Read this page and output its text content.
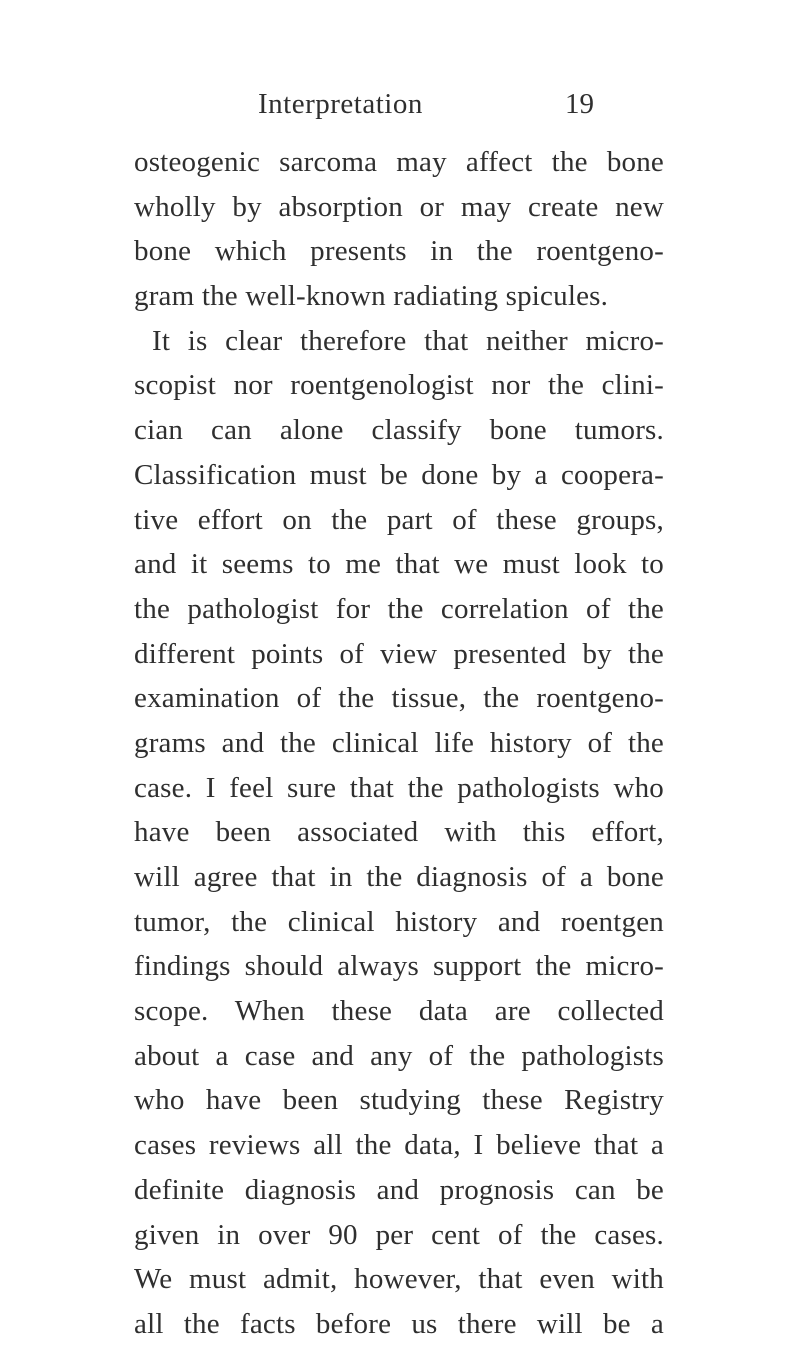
Interpretation	19
osteogenic sarcoma may affect the bone
wholly by absorption or may create new
bone which presents in the roentgeno-
gram the well-known radiating spicules.
It is clear therefore that neither micro-
scopist nor roentgenologist nor the clini-
cian can alone classify bone tumors.
Classification must be done by a coopera-
tive effort on the part of these groups,
and it seems to me that we must look to
the pathologist for the correlation of the
different points of view presented by the
examination of the tissue, the roentgeno-
grams and the clinical life history of the
case. I feel sure that the pathologists who
have been associated with this effort,
will agree that in the diagnosis of a bone
tumor, the clinical history and roentgen
findings should always support the micro-
scope. When these data are collected
about a case and any of the pathologists
who have been studying these Registry
cases reviews all the data, I believe that a
definite diagnosis and prognosis can be
given in over 90 per cent of the cases.
We must admit, however, that even with
all the facts before us there will be a
